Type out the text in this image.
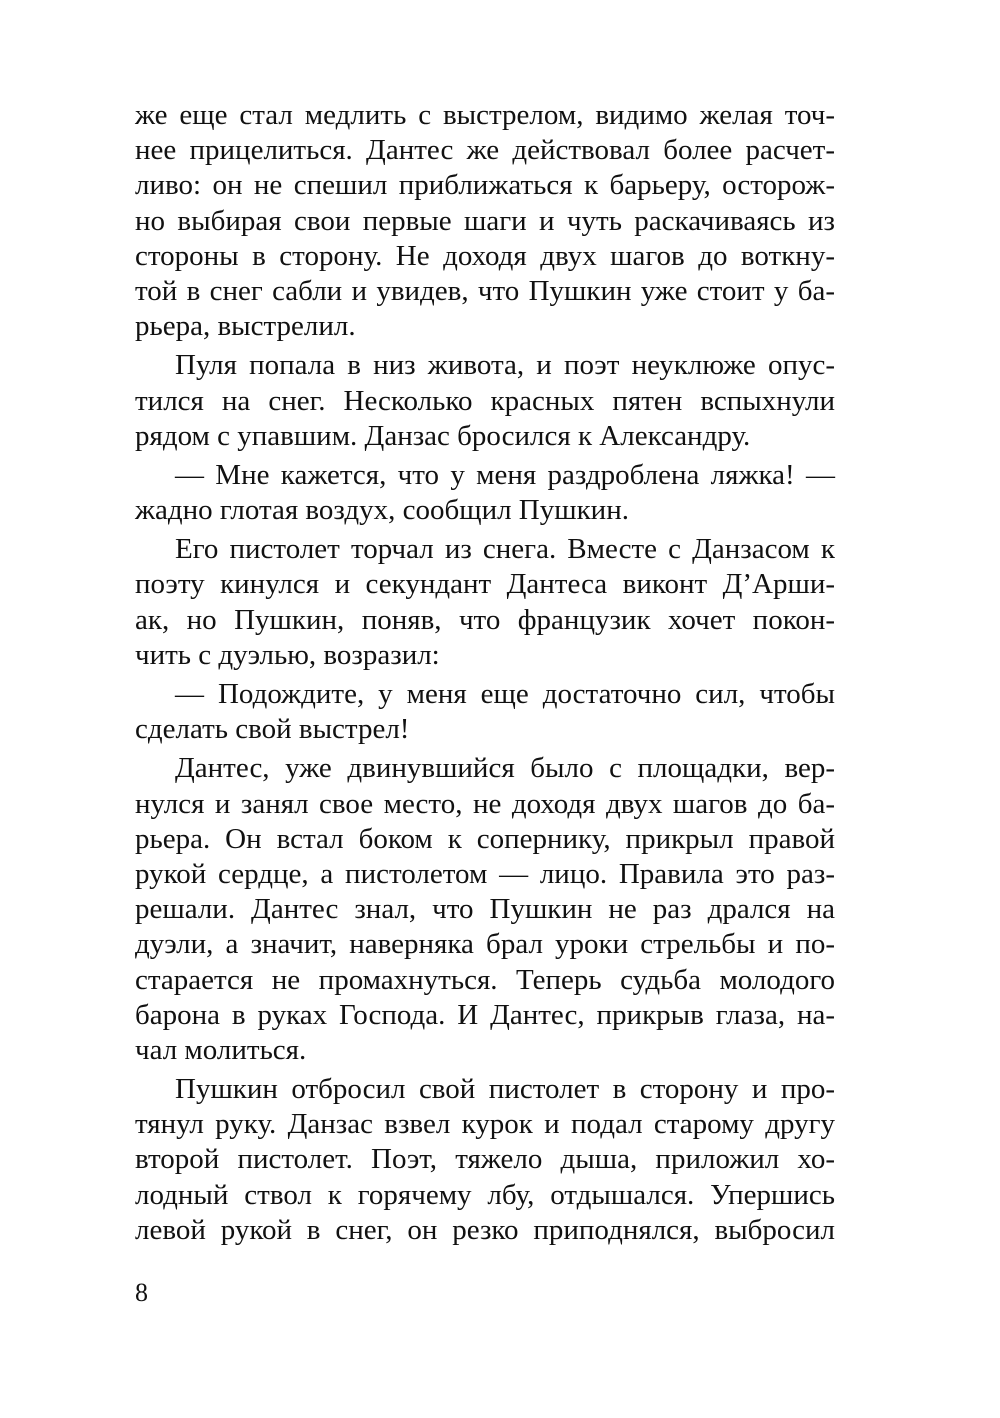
же еще стал медлить с выстрелом, видимо желая точ-
нее прицелиться. Дантес же действовал более расчет-
ливо: он не спешил приближаться к барьеру, осторож-
но выбирая свои первые шаги и чуть раскачиваясь из
стороны в сторону. Не доходя двух шагов до воткну-
той в снег сабли и увидев, что Пушкин уже стоит у ба-
рьера, выстрелил.
Пуля попала в низ живота, и поэт неуклюже опус-
тился на снег. Несколько красных пятен вспыхнули
рядом с упавшим. Данзас бросился к Александру.
— Мне кажется, что у меня раздроблена ляжка! —
жадно глотая воздух, сообщил Пушкин.
Его пистолет торчал из снега. Вместе с Данзасом к
поэту кинулся и секундант Дантеса виконт Д’Арши-
ак, но Пушкин, поняв, что французик хочет покон-
чить с дуэлью, возразил:
— Подождите, у меня еще достаточно сил, чтобы
сделать свой выстрел!
Дантес, уже двинувшийся было с площадки, вер-
нулся и занял свое место, не доходя двух шагов до ба-
рьера. Он встал боком к сопернику, прикрыл правой
рукой сердце, а пистолетом — лицо. Правила это раз-
решали. Дантес знал, что Пушкин не раз дрался на
дуэли, а значит, наверняка брал уроки стрельбы и по-
старается не промахнуться. Теперь судьба молодого
барона в руках Господа. И Дантес, прикрыв глаза, на-
чал молиться.
Пушкин отбросил свой пистолет в сторону и про-
тянул руку. Данзас взвел курок и подал старому другу
второй пистолет. Поэт, тяжело дыша, приложил хо-
лодный ствол к горячему лбу, отдышался. Упершись
левой рукой в снег, он резко приподнялся, выбросил
8
